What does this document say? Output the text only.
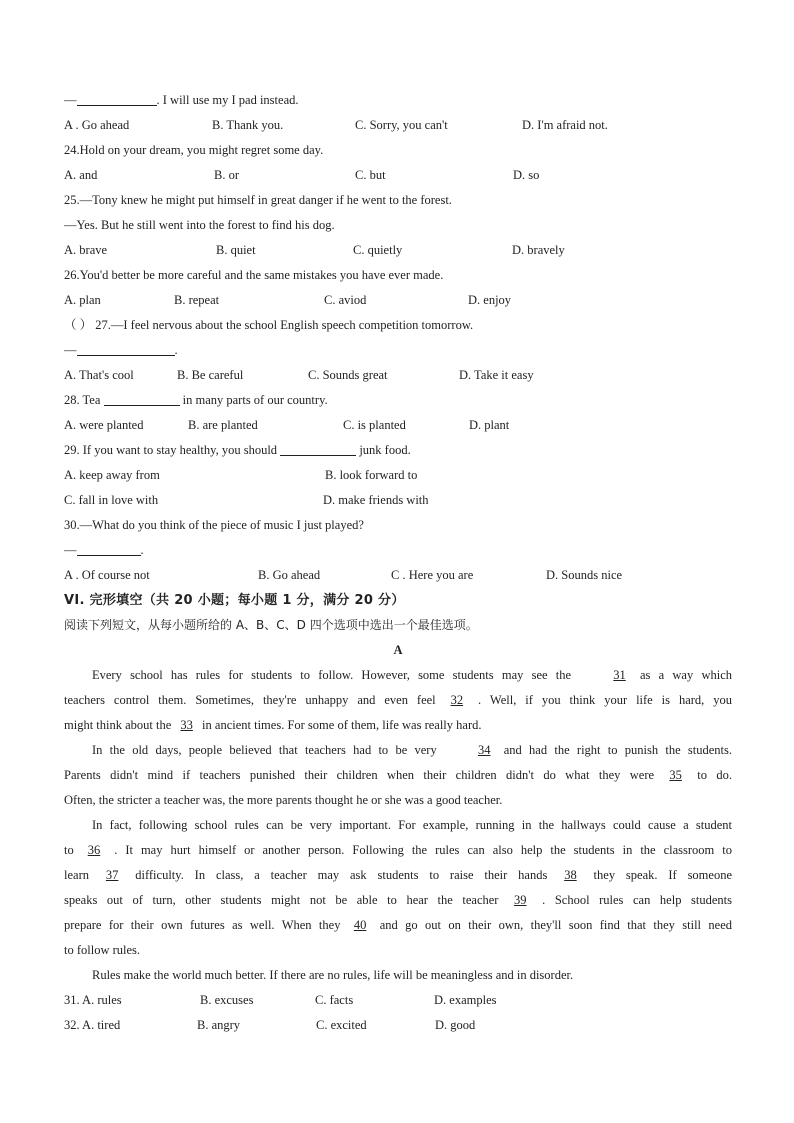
—	. I will use my I pad instead.
A . Go ahead	B. Thank you.	C. Sorry, you can't	D. I'm afraid not.
24.Hold on your dream, you might regret some day.
A. and	B. or	C. but	D. so
25.—Tony knew he might put himself in great danger if he went to the forest.
—Yes. But he still went into the forest to find his dog.
A. brave	B. quiet	C. quietly	D. bravely
26.You'd better be more careful and the same mistakes you have ever made.
A. plan	B. repeat	C. aviod	D. enjoy
（ ） 27.—I feel nervous about the school English speech competition tomorrow.
—	.
A. That's cool	B. Be careful	C. Sounds great	D. Take it easy
28. Tea	in many parts of our country.
A. were planted	B. are planted	C. is planted	D. plant
29. If you want to stay healthy, you should	junk food.
A. keep away from	B. look forward to
C. fall in love with	D. make friends with
30.—What do you think of the piece of music I just played?
—	.
A . Of course not	B. Go ahead	C . Here you are	D. Sounds nice
VI. 完形填空（共 20 小题；每小题 1 分，满分 20 分）
阅读下列短文，从每小题所给的 A、B、C、D 四个选项中选出一个最佳选项。
A
Every school has rules for students to follow. However, some students may see the	31 as a way which
teachers control them. Sometimes, they're unhappy and even feel 32 . Well, if you think your life is hard, you
might think about the 33 in ancient times. For some of them, life was really hard.
In the old days, people believed that teachers had to be very	34 and had the right to punish the students.
Parents didn't mind if teachers punished their children when their children didn't do what they were 35 to do.
Often, the stricter a teacher was, the more parents thought he or she was a good teacher.
In fact, following school rules can be very important. For example, running in the hallways could cause a student
to 36 . It may hurt himself or another person. Following the rules can also help the students in the classroom to
learn 37 difficulty. In class, a teacher may ask students to raise their hands 38 they speak. If someone
speaks out of turn, other students might not be able to hear the teacher 39 . School rules can help students
prepare for their own futures as well. When they 40 and go out on their own, they'll soon find that they still need
to follow rules.
Rules make the world much better. If there are no rules, life will be meaningless and in disorder.
31. A. rules	B. excuses	C. facts	D. examples
32. A. tired	B. angry	C. excited	D. good
